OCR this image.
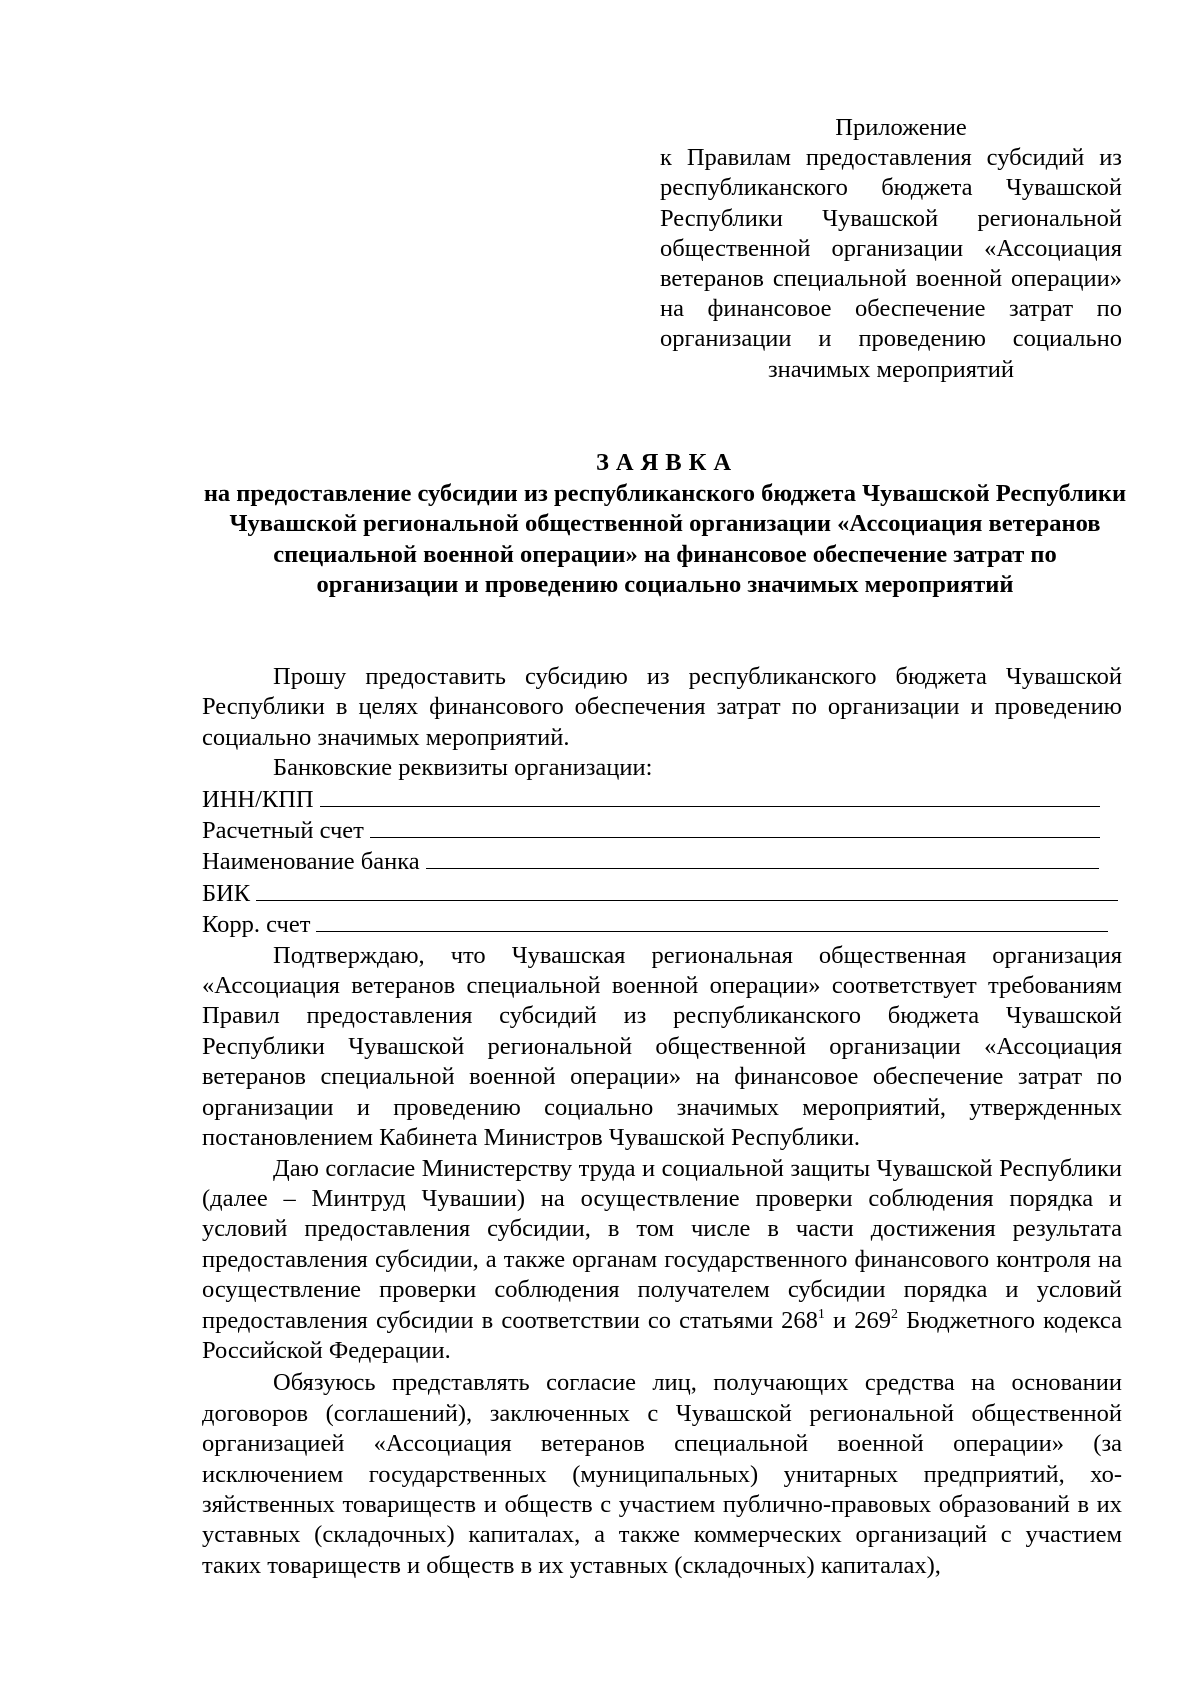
Приложение
к Правилам предоставления субсидий из республиканского бюджета Чувашской Республики Чувашской региональной общественной организации «Ассоциация ветеранов специальной военной операции» на финансовое обеспечение затрат по организации и проведению социально значимых мероприятий
ЗАЯВКА
на предоставление субсидии из республиканского бюджета Чувашской Республики Чувашской региональной общественной организации «Ассоциация ветеранов специальной военной операции» на финансовое обеспечение затрат по организации и проведению социально значимых мероприятий

Прошу предоставить субсидию из республиканского бюджета Чувашской Республики в целях финансового обеспечения затрат по организации и проведению социально значимых мероприятий.

Банковские реквизиты организации:

ИНН/КПП
Расчетный счет
Наименование банка
БИК
Корр. счет

Подтверждаю, что Чувашская региональная общественная организация «Ассоциация ветеранов специальной военной операции» соответствует требованиям Правил предоставления субсидий из республиканского бюджета Чувашской Республики Чувашской региональной общественной организации «Ассоциация ветеранов специальной военной операции» на финансовое обеспечение затрат по организации и проведению социально значимых мероприятий, утвержденных постановлением Кабинета Министров Чувашской Республики.

Даю согласие Министерству труда и социальной защиты Чувашской Республики (далее – Минтруд Чувашии) на осуществление проверки соблюдения порядка и условий предоставления субсидии, в том числе в части достижения результата предоставления субсидии, а также органам государственного финансового контроля на осуществление проверки соблюдения получателем субсидии порядка и условий предоставления субсидии в соответствии со статьями $268^1$ и $269^2$ Бюджетного кодекса Российской Федерации.

Обязуюсь представлять согласие лиц, получающих средства на основании договоров (соглашений), заключенных с Чувашской региональной общественной организацией «Ассоциация ветеранов специальной военной операции» (за исключением государственных (муниципальных) унитарных предприятий, хозяйственных товариществ и обществ с участием публично-правовых образований в их уставных (складочных) капиталах, а также коммерческих организаций с участием таких товариществ и обществ в их уставных (складочных) капиталах),
